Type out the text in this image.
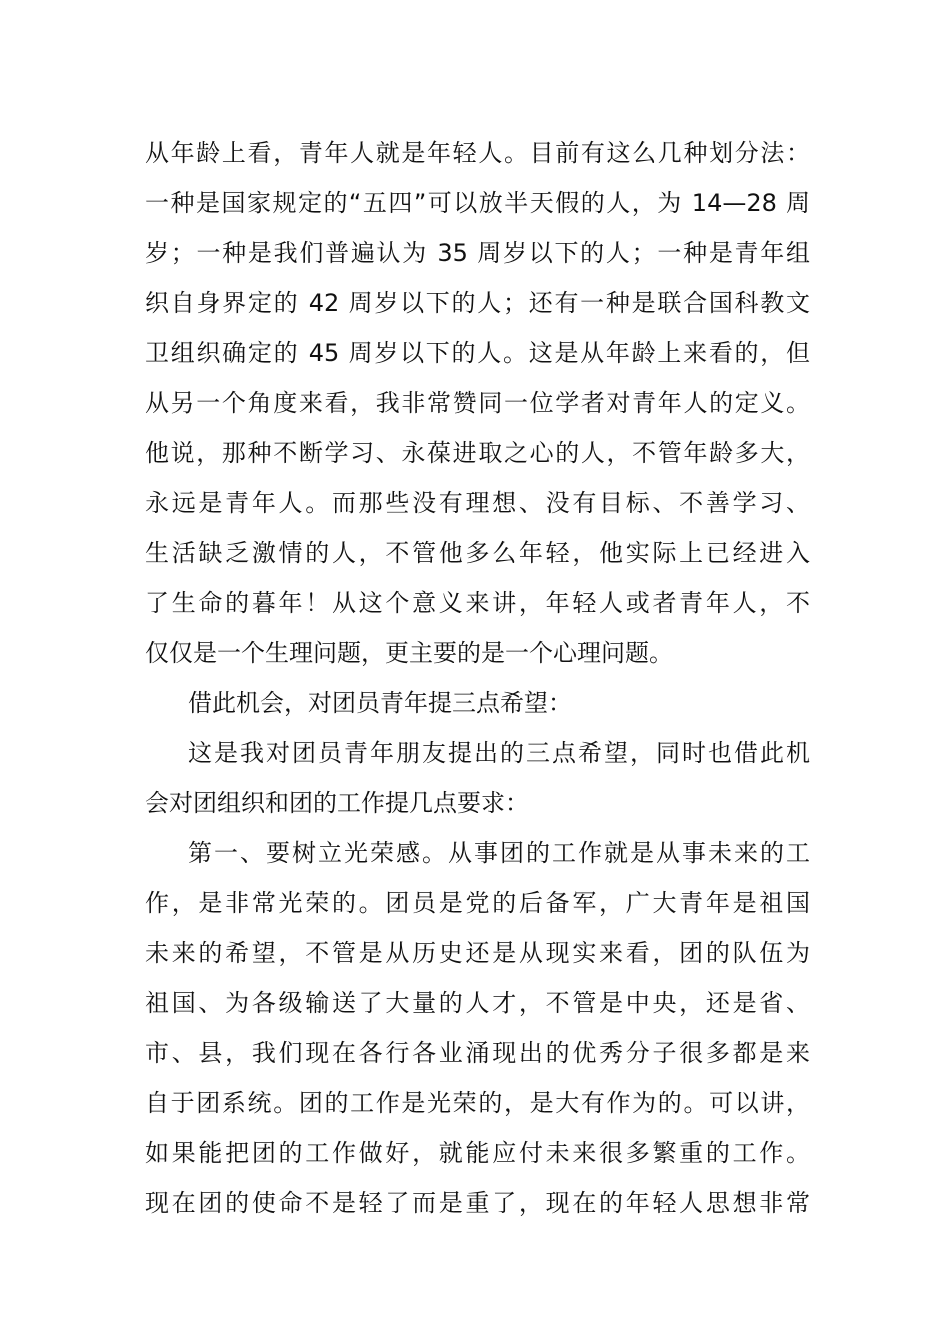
从年龄上看，青年人就是年轻人。目前有这么几种划分法：
一种是国家规定的“五四”可以放半天假的人，为 14—28 周
岁；一种是我们普遍认为 35 周岁以下的人；一种是青年组
织自身界定的 42 周岁以下的人；还有一种是联合国科教文
卫组织确定的 45 周岁以下的人。这是从年龄上来看的，但
从另一个角度来看，我非常赞同一位学者对青年人的定义。
他说，那种不断学习、永葆进取之心的人，不管年龄多大，
永远是青年人。而那些没有理想、没有目标、不善学习、
生活缺乏激情的人，不管他多么年轻，他实际上已经进入
了生命的暮年！从这个意义来讲，年轻人或者青年人，不
仅仅是一个生理问题，更主要的是一个心理问题。
借此机会，对团员青年提三点希望：
这是我对团员青年朋友提出的三点希望，同时也借此机
会对团组织和团的工作提几点要求：
第一、要树立光荣感。从事团的工作就是从事未来的工
作，是非常光荣的。团员是党的后备军，广大青年是祖国
未来的希望，不管是从历史还是从现实来看，团的队伍为
祖国、为各级输送了大量的人才，不管是中央，还是省、
市、县，我们现在各行各业涌现出的优秀分子很多都是来
自于团系统。团的工作是光荣的，是大有作为的。可以讲，
如果能把团的工作做好，就能应付未来很多繁重的工作。
现在团的使命不是轻了而是重了，现在的年轻人思想非常
